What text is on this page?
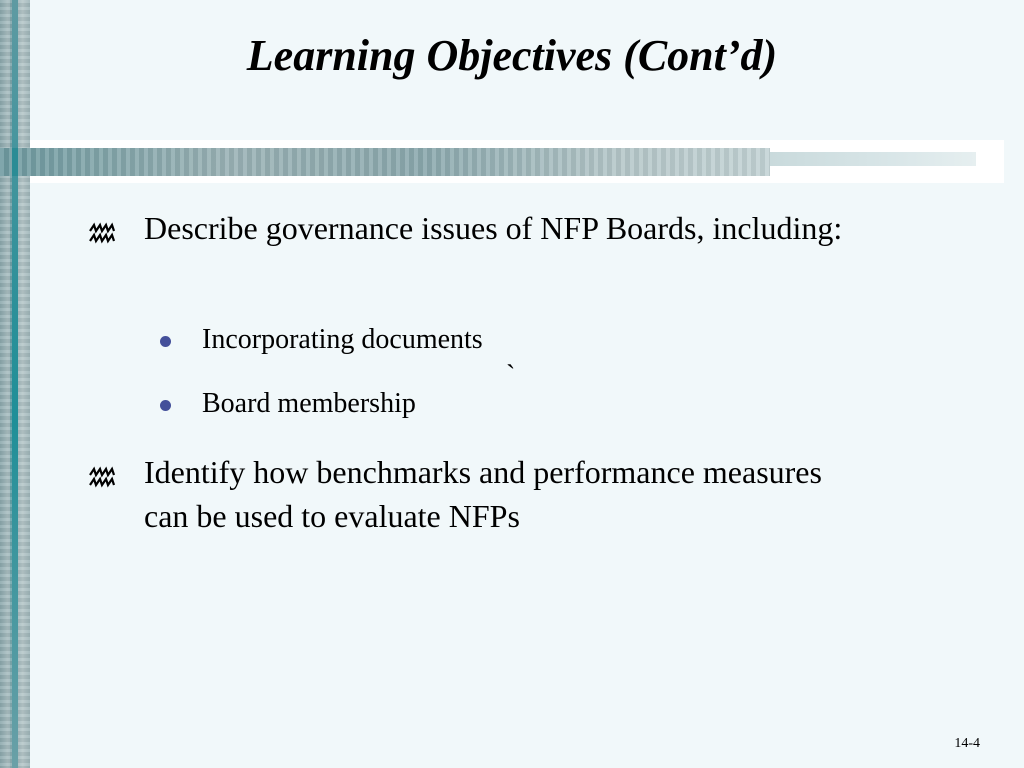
Learning Objectives (Cont’d)
Describe governance issues of NFP Boards, including:
Incorporating documents
`
Board membership
Identify how benchmarks and performance measures can be used to evaluate NFPs
14-4
